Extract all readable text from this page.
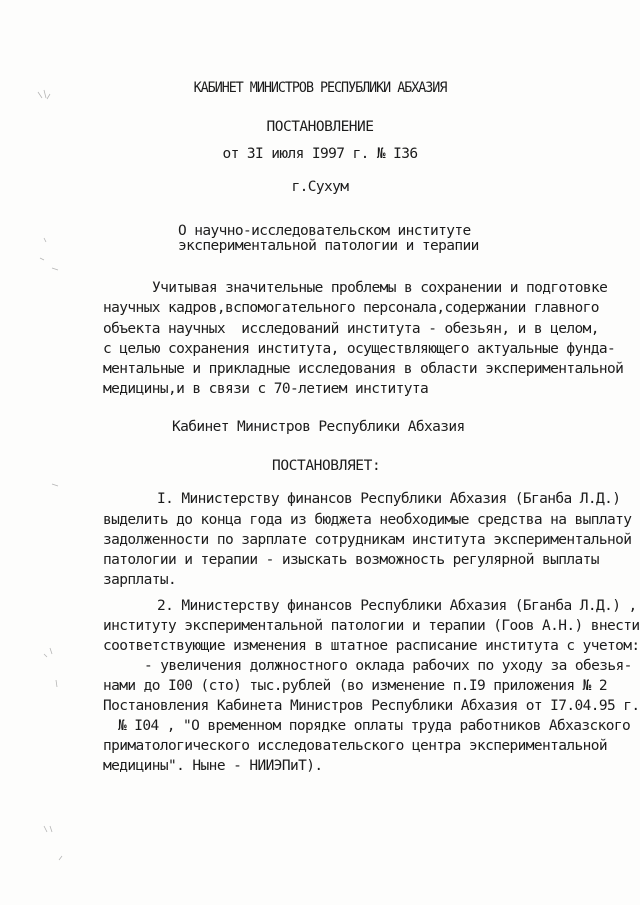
КАБИНЕТ МИНИСТРОВ РЕСПУБЛИКИ АБХАЗИЯ
ПОСТАНОВЛЕНИЕ
от 3I июля I997 г. № I36
г.Сухум
О научно-исследовательском институте
экспериментальной патологии и терапии
Учитывая значительные проблемы в сохранении и подготовке
научных кадров,вспомогательного персонала,содержании главного
объекта научных  исследований института - обезьян, и в целом,
с целью сохранения института, осуществляющего актуальные фунда-
ментальные и прикладные исследования в области экспериментальной
медицины,и в связи с 70-летием института
Кабинет Министров Республики Абхазия
ПОСТАНОВЛЯЕТ:
I. Министерству финансов Республики Абхазия (Бганба Л.Д.)
выделить до конца года из бюджета необходимые средства на выплату
задолженности по зарплате сотрудникам института экспериментальной
патологии и терапии - изыскать возможность регулярной выплаты
зарплаты.
2. Министерству финансов Республики Абхазия (Бганба Л.Д.) ,
институту экспериментальной патологии и терапии (Гоов А.Н.) внести
соответствующие изменения в штатное расписание института с учетом:
- увеличения должностного оклада рабочих по уходу за обезья-
нами до I00 (сто) тыс.рублей (во изменение п.I9 приложения № 2
Постановления Кабинета Министров Республики Абхазия от I7.04.95 г.
№ I04 , "О временном порядке оплаты труда работников Абхазского
приматологического исследовательского центра экспериментальной
медицины". Ныне - НИИЭПиТ).
